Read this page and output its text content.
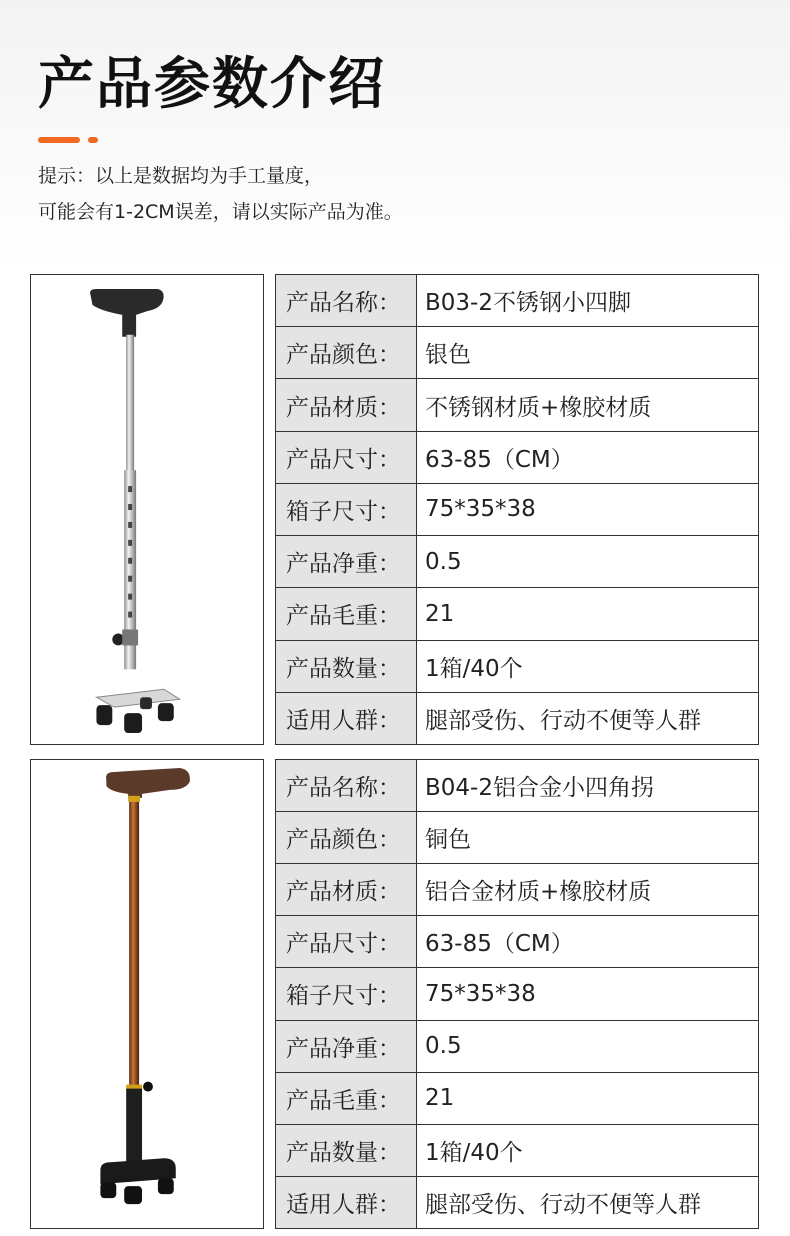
产品参数介绍
提示：以上是数据均为手工量度，
可能会有1-2CM误差，请以实际产品为准。
产品名称：	B03-2不锈钢小四脚
产品颜色：	银色
产品材质：	不锈钢材质+橡胶材质
产品尺寸：	63-85（CM）
箱子尺寸：	75*35*38
产品净重：	0.5
产品毛重：	21
产品数量：	1箱/40个
适用人群：	腿部受伤、行动不便等人群
产品名称：	B04-2铝合金小四角拐
产品颜色：	铜色
产品材质：	铝合金材质+橡胶材质
产品尺寸：	63-85（CM）
箱子尺寸：	75*35*38
产品净重：	0.5
产品毛重：	21
产品数量：	1箱/40个
适用人群：	腿部受伤、行动不便等人群
